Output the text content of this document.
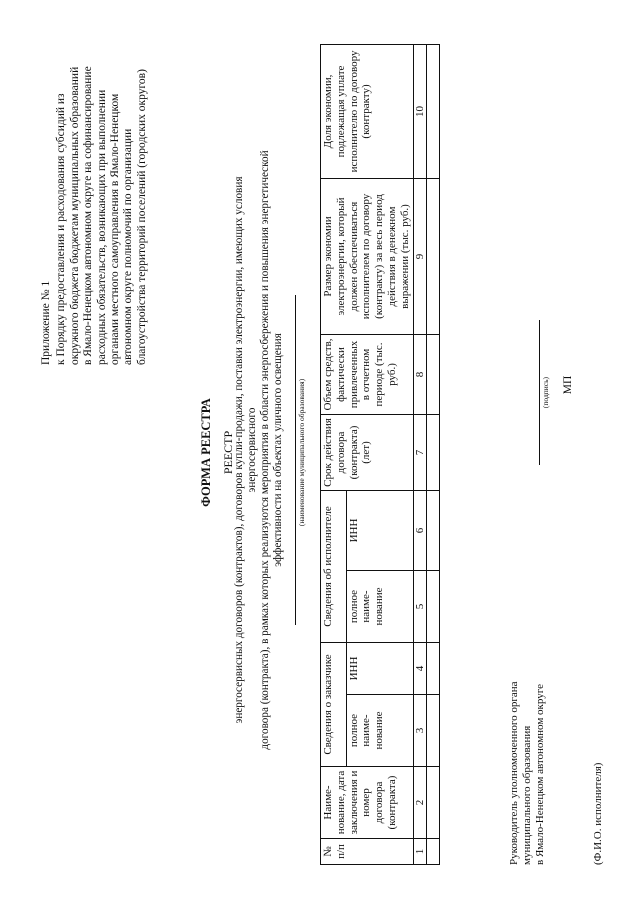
Приложение № 1 к Порядку предоставления и расходования субсидий из окружного бюджета бюджетам муниципальных образований в Ямало-Ненецком автономном округе на софинансирование расходных обязательств, возникающих при выполнении органами местного самоуправления в Ямало-Ненецком автономном округе полномочий по организации благоустройства территорий поселений (городских округов)
ФОРМА РЕЕСТРА РЕЕСТР
энергосервисных договоров (контрактов), договоров купли-продажи, поставки электроэнергии, имеющих условия энергосервисного договора (контракта), в рамках которых реализуются мероприятия в области энергосбережения и повышения энергетической эффективности на объектах уличного освещения (наименование муниципального образования)
№ п/п	Наиме-нование, дата заключения и номер договора (контракта)	Сведения о заказчике		Сведения об исполнителе		Срок действия договора (контракта) (лет)	Объем средств, фактически привлеченных в отчетном периоде (тыс. руб.)	Размер экономии электроэнергии, который должен обеспечиваться исполнителем по договору (контракту) за весь период действия в денежном выражении (тыс. руб.)	Доля экономии, подлежащая уплате исполнителю по договору (контракту)
		полное наиме-нование	ИНН	полное наиме-нование	ИНН				
1	2	3	4	5	6	7	8	9	10

Руководитель уполномоченного органа муниципального образования в Ямало-Ненецком автономном округе
(подпись) МП
(Ф.И.О. исполнителя)
